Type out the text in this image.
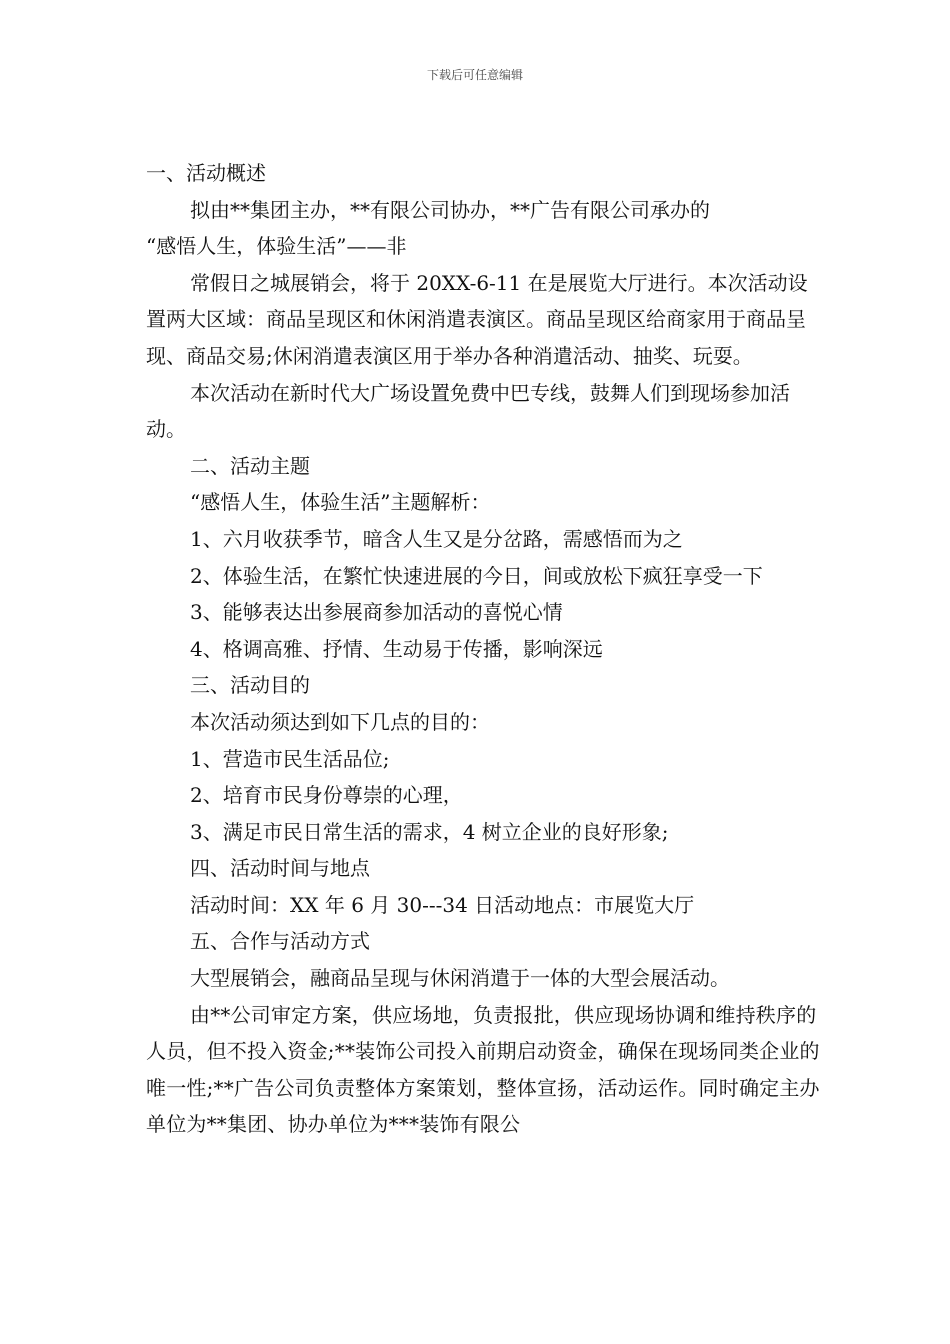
下载后可任意编辑

一、活动概述

拟由**集团主办，**有限公司协办，**广告有限公司承办的

“感悟人生，体验生活”——非

常假日之城展销会，将于 20XX-6-11 在是展览大厅进行。本次活动设置两大区域：商品呈现区和休闲消遣表演区。商品呈现区给商家用于商品呈现、商品交易;休闲消遣表演区用于举办各种消遣活动、抽奖、玩耍。

本次活动在新时代大广场设置免费中巴专线，鼓舞人们到现场参加活动。

二、活动主题

“感悟人生，体验生活”主题解析：

1、六月收获季节，暗含人生又是分岔路，需感悟而为之

2、体验生活，在繁忙快速进展的今日，间或放松下疯狂享受一下

3、能够表达出参展商参加活动的喜悦心情

4、格调高雅、抒情、生动易于传播，影响深远

三、活动目的

本次活动须达到如下几点的目的：

1、营造市民生活品位;

2、培育市民身份尊崇的心理，

3、满足市民日常生活的需求，4 树立企业的良好形象;

四、活动时间与地点

活动时间：XX 年 6 月 30---34 日活动地点：市展览大厅

五、合作与活动方式

大型展销会，融商品呈现与休闲消遣于一体的大型会展活动。

由**公司审定方案，供应场地，负责报批，供应现场协调和维持秩序的人员，但不投入资金;**装饰公司投入前期启动资金，确保在现场同类企业的唯一性;**广告公司负责整体方案策划，整体宣扬，活动运作。同时确定主办单位为**集团、协办单位为***装饰有限公
